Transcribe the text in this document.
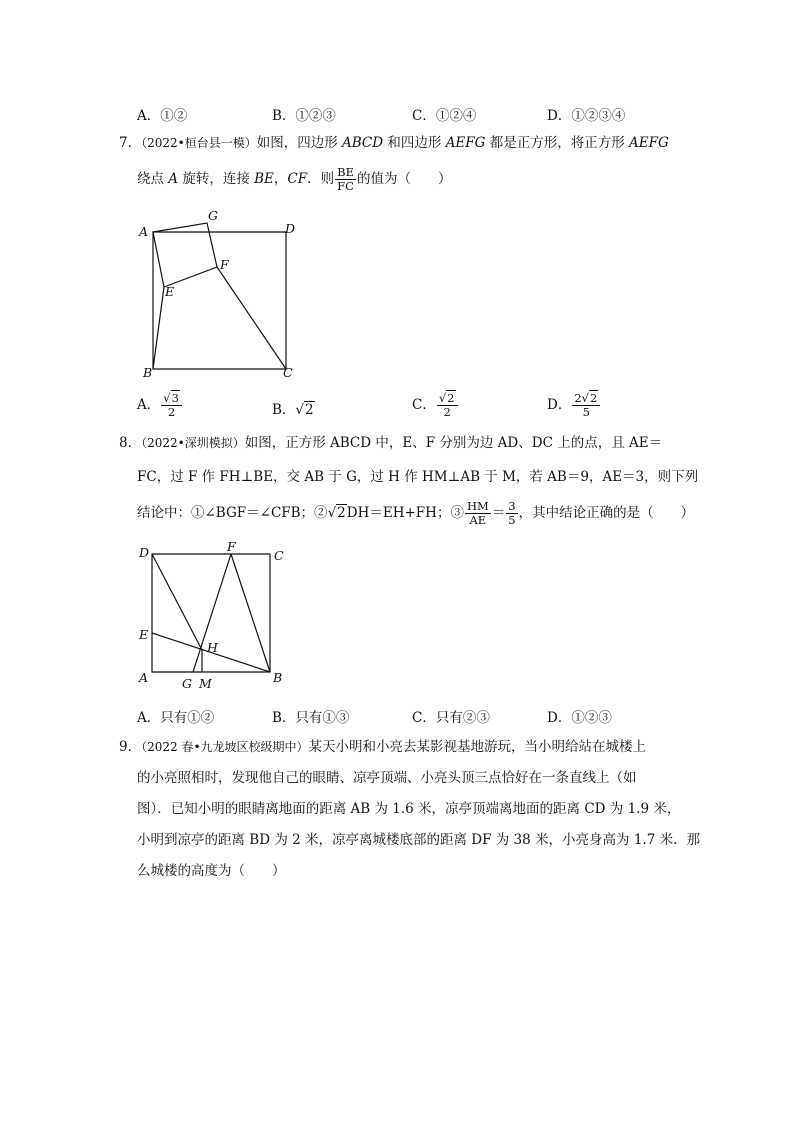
A．①②	B．①②③	C．①②④	D．①②③④
7．（2022•桓台县一模）如图，四边形 ABCD 和四边形 AEFG 都是正方形，将正方形 AEFG
绕点 A 旋转，连接 BE，CF．则 $\frac{BE}{FC}$ 的值为（　　）
A
G
D
F
E
B	C
A． $\frac{√3}{2}$	B．√2	C． $\frac{√2}{2}$	D． $\frac{2√2}{5}$
8．（2022•深圳模拟）如图，正方形 ABCD 中，E、F 分别为边 AD、DC 上的点，且 AE＝
FC，过 F 作 FH⊥BE，交 AB 于 G，过 H 作 HM⊥AB 于 M，若 AB＝9，AE＝3，则下列
结论中：①∠BGF＝∠CFB；②√2DH＝EH+FH；③ $\frac{HM}{AE} = \frac{3}{5}$ ，其中结论正确的是（　　）
D	F
C
E
H
A	G M	B
A．只有①②	B．只有①③	C．只有②③	D．①②③
9．（2022 春•九龙坡区校级期中）某天小明和小亮去某影视基地游玩，当小明给站在城楼上
的小亮照相时，发现他自己的眼睛、凉亭顶端、小亮头顶三点恰好在一条直线上（如
图）．已知小明的眼睛离地面的距离 AB 为 1.6 米，凉亭顶端离地面的距离 CD 为 1.9 米，
小明到凉亭的距离 BD 为 2 米，凉亭离城楼底部的距离 DF 为 38 米，小亮身高为 1.7 米．那
么城楼的高度为（　　）
